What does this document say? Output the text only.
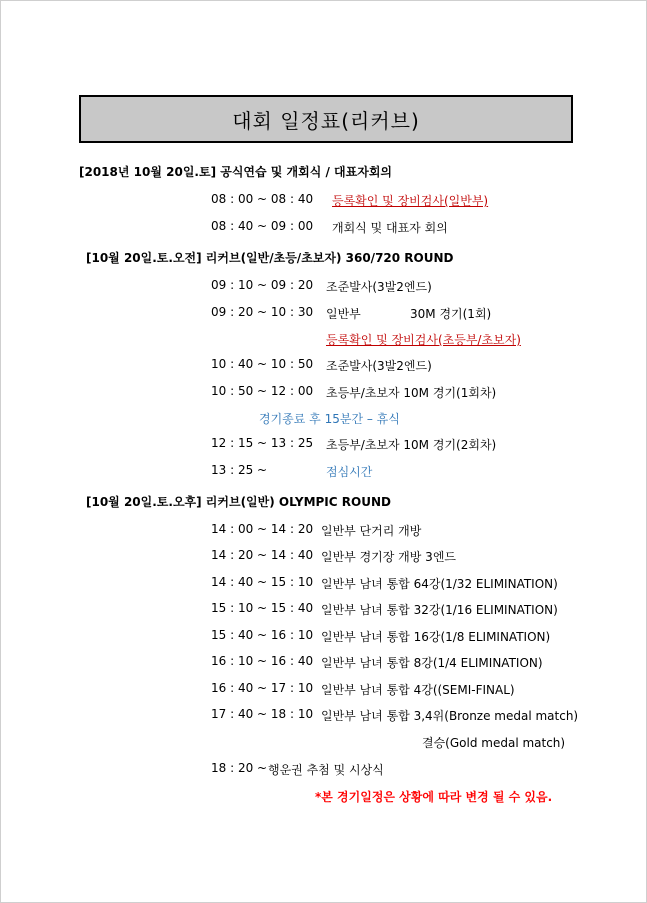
대회 일정표(리커브)
[2018년 10월 20일.토] 공식연습 및 개회식 / 대표자회의
08 : 00 ~ 08 : 40 등록확인 및 장비검사(일반부)
08 : 40 ~ 09 : 00 개회식 및 대표자 회의
[10월 20일.토.오전] 리커브(일반/초등/초보자) 360/720 ROUND
09 : 10 ~ 09 : 20 조준발사(3발2엔드)
09 : 20 ~ 10 : 30 일반부	30M 경기(1회)
등록확인 및 장비검사(초등부/초보자)
10 : 40 ~ 10 : 50 조준발사(3발2엔드)
10 : 50 ~ 12 : 00 초등부/초보자 10M 경기(1회차)
경기종료 후 15분간 – 휴식
12 : 15 ~ 13 : 25 초등부/초보자 10M 경기(2회차)
13 : 25 ~	점심시간
[10월 20일.토.오후] 리커브(일반) OLYMPIC ROUND
14 : 00 ~ 14 : 20 일반부 단거리 개방
14 : 20 ~ 14 : 40 일반부 경기장 개방 3엔드
14 : 40 ~ 15 : 10 일반부 남녀 통합 64강(1/32 ELIMINATION)
15 : 10 ~ 15 : 40 일반부 남녀 통합 32강(1/16 ELIMINATION)
15 : 40 ~ 16 : 10 일반부 남녀 통합 16강(1/8 ELIMINATION)
16 : 10 ~ 16 : 40 일반부 남녀 통합 8강(1/4 ELIMINATION)
16 : 40 ~ 17 : 10 일반부 남녀 통합 4강((SEMI-FINAL)
17 : 40 ~ 18 : 10 일반부 남녀 통합 3,4위(Bronze medal match)
결승(Gold medal match)
18 : 20 ~ 행운권 추첨 및 시상식
*본 경기일정은 상황에 따라 변경 될 수 있음.
